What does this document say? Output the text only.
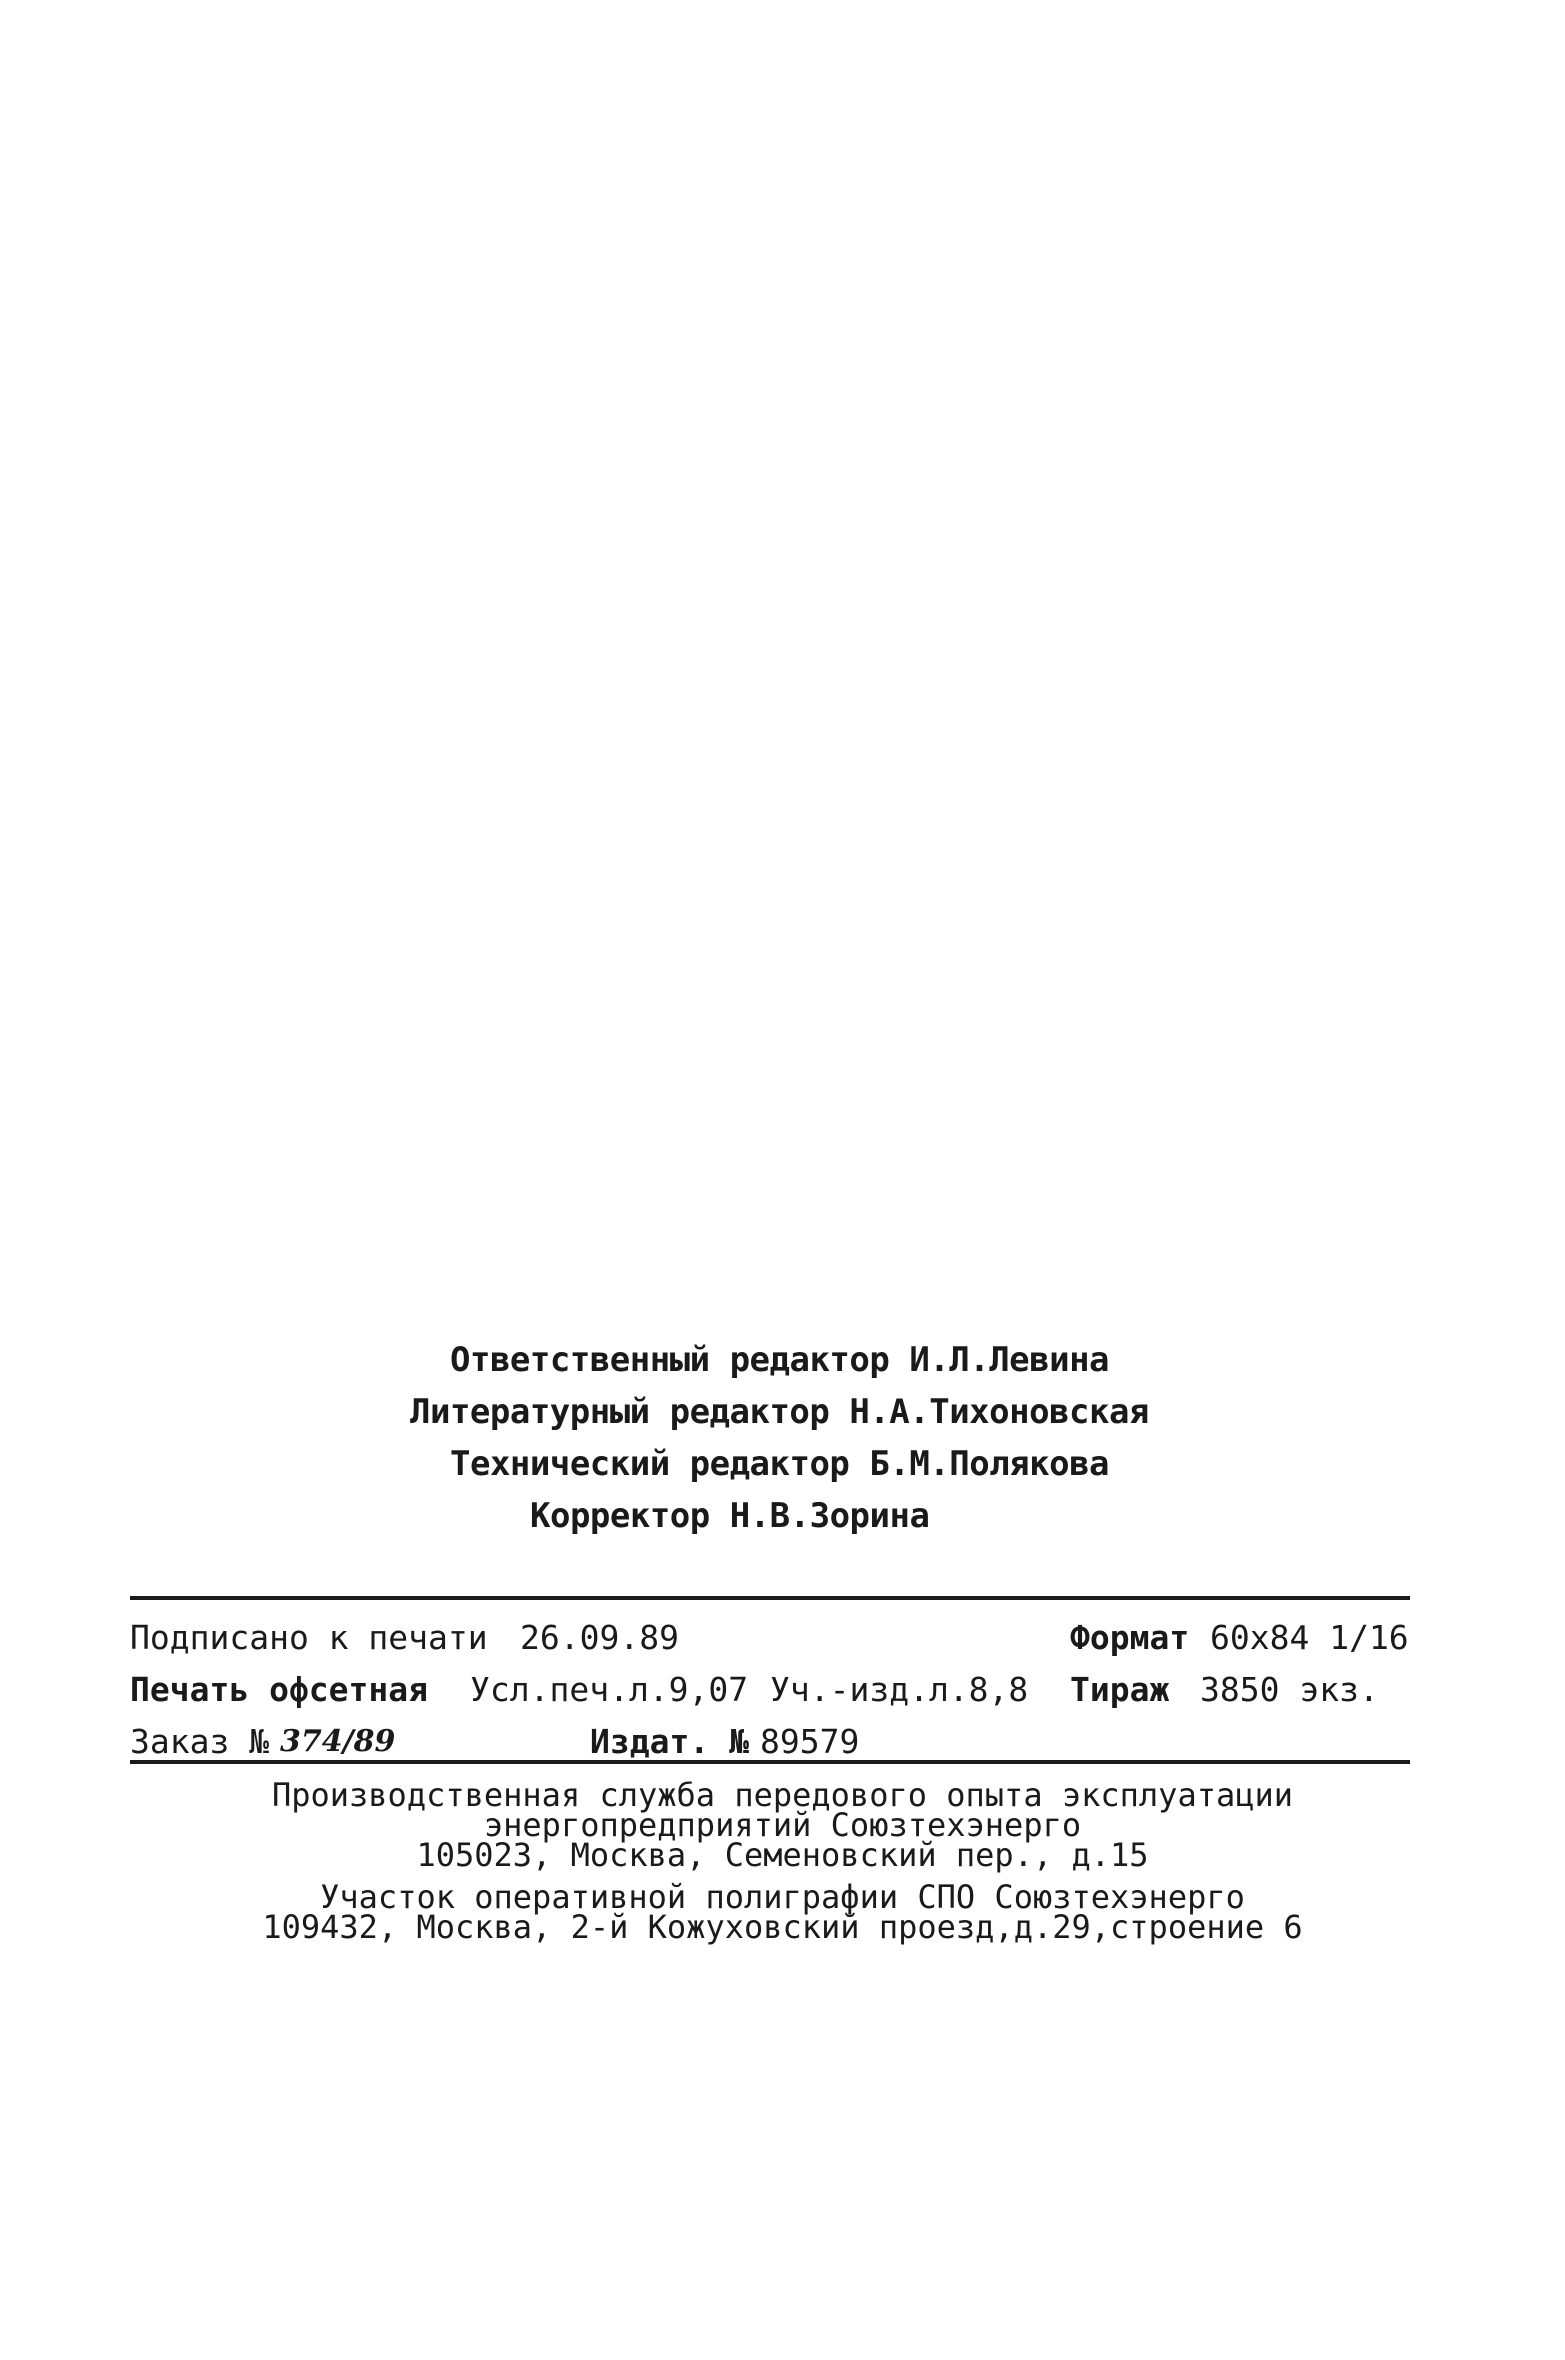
Ответственный редактор И.Л.Левина
Литературный редактор Н.А.Тихоновская
Технический редактор Б.М.Полякова
Корректор Н.В.Зорина
Подписано к печати 26.09.89	Формат 60х84 1/16
Печать офсетная Усл.печ.л.9,07 Уч.-изд.л.8,8 Тираж 3850 экз.
Заказ № 374/89	Издат. № 89579
Производственная служба передового опыта эксплуатации
энергопредприятий Союзтехэнерго
105023, Москва, Семеновский пер., д.15
Участок оперативной полиграфии СПО Союзтехэнерго
109432, Москва, 2-й Кожуховский проезд,д.29,строение 6
